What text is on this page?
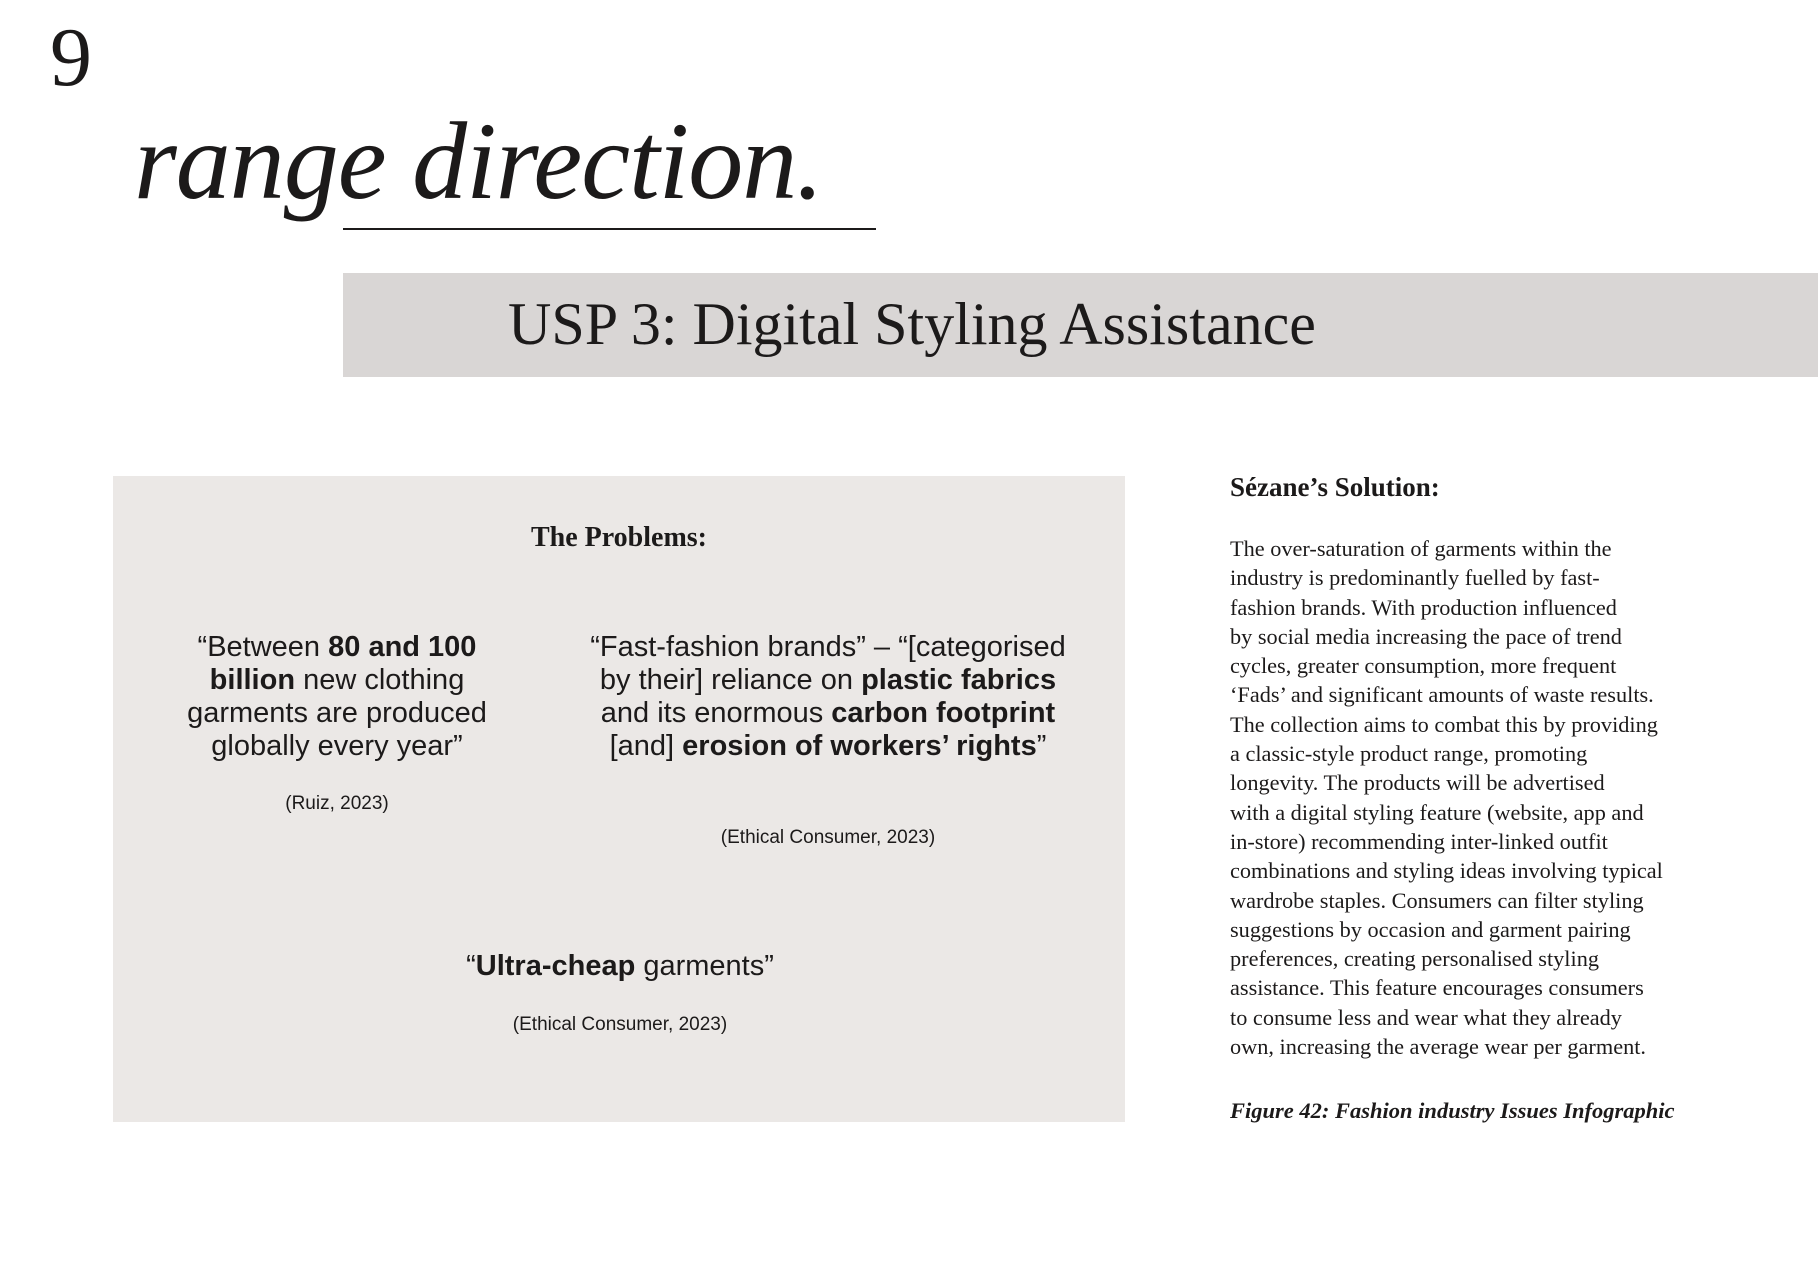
9
range direction.
USP 3: Digital Styling Assistance
The Problems:
“Between 80 and 100 billion new clothing garments are produced globally every year”
(Ruiz, 2023)
“Fast-fashion brands” – “[categorised by their] reliance on plastic fabrics and its enormous carbon footprint [and] erosion of workers’ rights”
(Ethical Consumer, 2023)
“Ultra-cheap garments”
(Ethical Consumer, 2023)
Sézane’s Solution:
The over-saturation of garments within the
industry is predominantly fuelled by fast-
fashion brands. With production influenced
by social media increasing the pace of trend
cycles, greater consumption, more frequent
‘Fads’ and significant amounts of waste results.
The collection aims to combat this by providing
a classic-style product range, promoting
longevity. The products will be advertised
with a digital styling feature (website, app and
in-store) recommending inter-linked outfit
combinations and styling ideas involving typical
wardrobe staples. Consumers can filter styling
suggestions by occasion and garment pairing
preferences, creating personalised styling
assistance. This feature encourages consumers
to consume less and wear what they already
own, increasing the average wear per garment.
Figure 42: Fashion industry Issues Infographic
